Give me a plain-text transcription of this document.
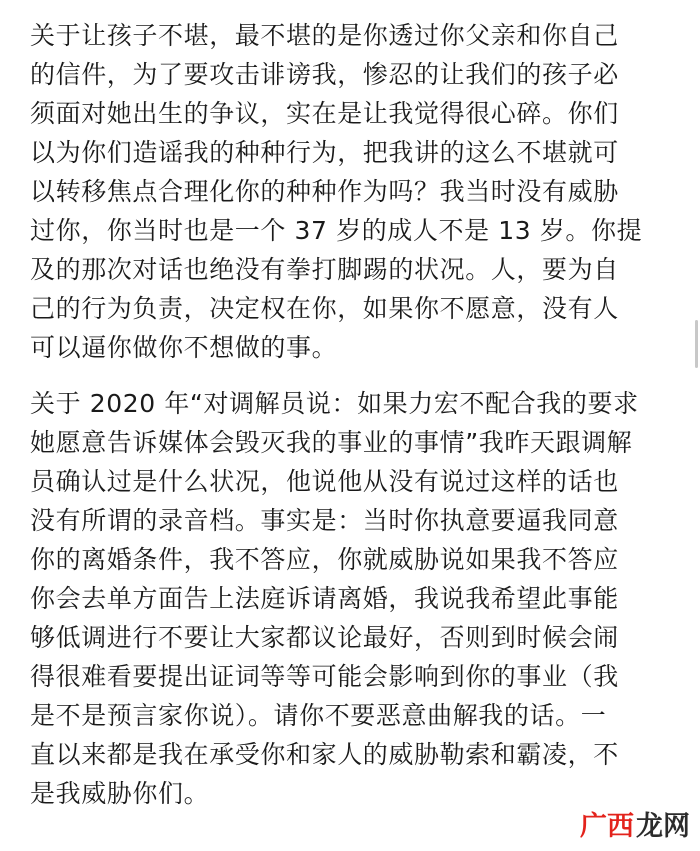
关于让孩子不堪，最不堪的是你透过你父亲和你自己
的信件，为了要攻击诽谤我，惨忍的让我们的孩子必
须面对她出生的争议，实在是让我觉得很心碎。你们
以为你们造谣我的种种行为，把我讲的这么不堪就可
以转移焦点合理化你的种种作为吗？我当时没有威胁
过你，你当时也是一个 37 岁的成人不是 13 岁。你提
及的那次对话也绝没有拳打脚踢的状况。人，要为自
己的行为负责，决定权在你，如果你不愿意，没有人
可以逼你做你不想做的事。
关于 2020 年“对调解员说：如果力宏不配合我的要求
她愿意告诉媒体会毁灭我的事业的事情”我昨天跟调解
员确认过是什么状况，他说他从没有说过这样的话也
没有所谓的录音档。事实是：当时你执意要逼我同意
你的离婚条件，我不答应，你就威胁说如果我不答应
你会去单方面告上法庭诉请离婚，我说我希望此事能
够低调进行不要让大家都议论最好，否则到时候会闹
得很难看要提出证词等等可能会影响到你的事业（我
是不是预言家你说）。请你不要恶意曲解我的话。一
直以来都是我在承受你和家人的威胁勒索和霸凌，不
是我威胁你们。
广西 龙网
